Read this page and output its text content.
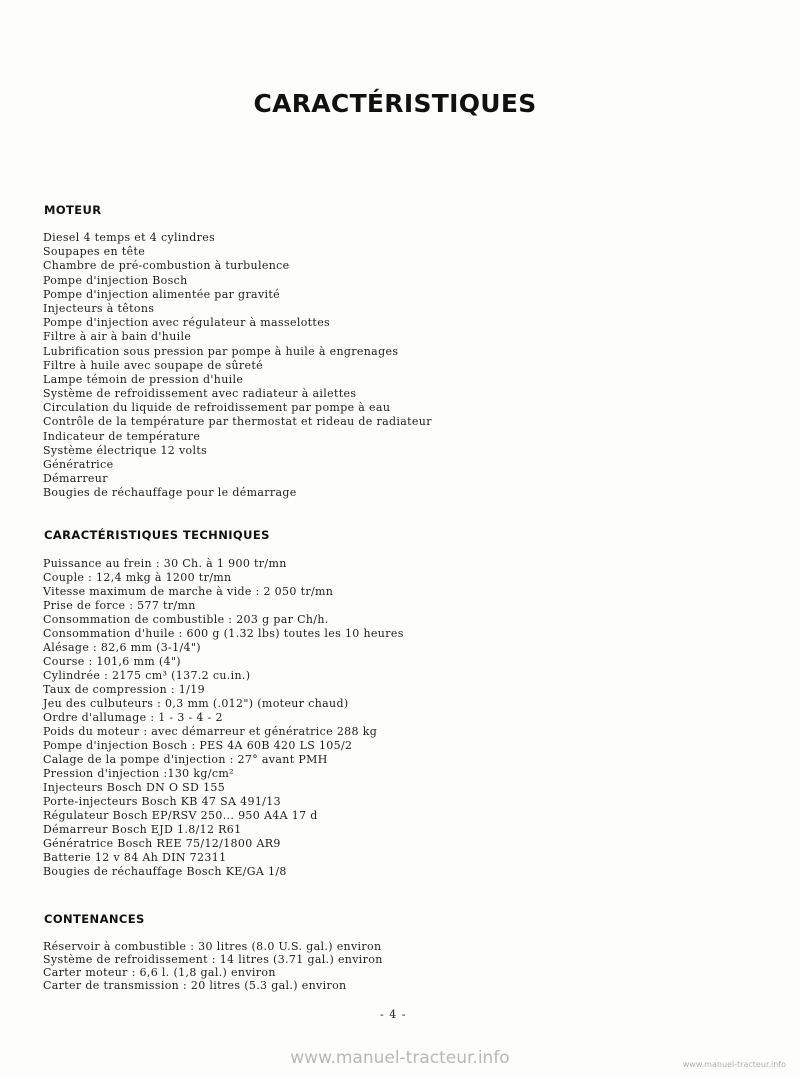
CARACTÉRISTIQUES
MOTEUR
Diesel 4 temps et 4 cylindres
Soupapes en tête
Chambre de pré-combustion à turbulence
Pompe d'injection Bosch
Pompe d'injection alimentée par gravité
Injecteurs à têtons
Pompe d'injection avec régulateur à masselottes
Filtre à air à bain d'huile
Lubrification sous pression par pompe à huile à engrenages
Filtre à huile avec soupape de sûreté
Lampe témoin de pression d'huile
Système de refroidissement avec radiateur à ailettes
Circulation du liquide de refroidissement par pompe à eau
Contrôle de la température par thermostat et rideau de radiateur
Indicateur de température
Système électrique 12 volts
Génératrice
Démarreur
Bougies de réchauffage pour le démarrage
CARACTÉRISTIQUES TECHNIQUES
Puissance au frein : 30 Ch. à 1 900 tr/mn
Couple : 12,4 mkg à 1200 tr/mn
Vitesse maximum de marche à vide : 2 050 tr/mn
Prise de force : 577 tr/mn
Consommation de combustible : 203 g par Ch/h.
Consommation d'huile : 600 g (1.32 lbs) toutes les 10 heures
Alésage : 82,6 mm (3-1/4")
Course : 101,6 mm (4")
Cylindrée : 2175 cm³ (137.2 cu.in.)
Taux de compression : 1/19
Jeu des culbuteurs : 0,3 mm (.012") (moteur chaud)
Ordre d'allumage : 1 - 3 - 4 - 2
Poids du moteur : avec démarreur et génératrice 288 kg
Pompe d'injection Bosch : PES 4A 60B 420 LS 105/2
Calage de la pompe d'injection : 27° avant PMH
Pression d'injection :130 kg/cm²
Injecteurs Bosch DN O SD 155
Porte-injecteurs Bosch KB 47 SA 491/13
Régulateur Bosch EP/RSV 250... 950 A4A 17 d
Démarreur Bosch EJD 1.8/12 R61
Génératrice Bosch REE 75/12/1800 AR9
Batterie 12 v 84 Ah DIN 72311
Bougies de réchauffage Bosch KE/GA 1/8
CONTENANCES
Réservoir à combustible : 30 litres (8.0 U.S. gal.) environ
Système de refroidissement : 14 litres (3.71 gal.) environ
Carter moteur : 6,6 l. (1,8 gal.) environ
Carter de transmission : 20 litres (5.3 gal.) environ
- 4 -
www.manuel-tracteur.info	www.manuel-tracteur.info
